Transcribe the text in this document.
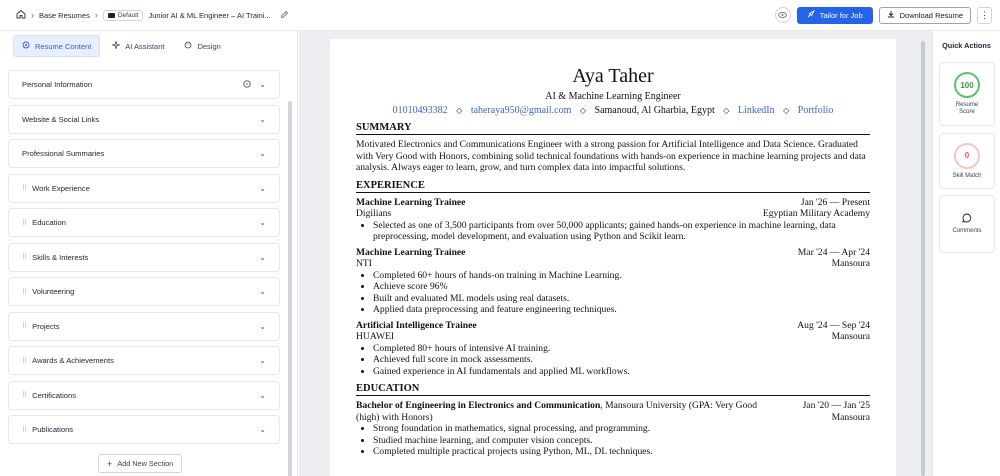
› Base Resumes ›	Default Junior AI & ML Engineer – AI Traini...	Tailor for Job	Download Resume	⋮
Resume Content	AI Assistant	Design
Personal Information	⌄
Website & Social Links	⌄
Professional Summaries	⌄
⠿ Work Experience	⌄
⠿ Education	⌄
⠿ Skills & Interests	⌄
⠿ Volunteering	⌄
⠿ Projects	⌄
⠿ Awards & Achievements	⌄
⠿ Certifications	⌄
⠿ Publications	⌄
+ Add New Section
Aya Taher
AI & Machine Learning Engineer
01010493382 ◇ taheraya950@gmail.com ◇ Samanoud, Al Gharbia, Egypt ◇ LinkedIn ◇ Portfolio
SUMMARY
Motivated Electronics and Communications Engineer with a strong passion for Artificial Intelligence and Data Science. Graduated with Very Good with Honors, combining solid technical foundations with hands-on experience in machine learning projects and data analysis. Always eager to learn, grow, and turn complex data into impactful solutions.
EXPERIENCE
Machine Learning Trainee	Jan '26 — Present
Digilians	Egyptian Military Academy
• Selected as one of 3,500 participants from over 50,000 applicants; gained hands-on experience in machine learning, data preprocessing, model development, and evaluation using Python and Scikit learn.
Machine Learning Trainee	Mar '24 — Apr '24
NTI	Mansoura
• Completed 60+ hours of hands-on training in Machine Learning.
• Achieve score 96%
• Built and evaluated ML models using real datasets.
• Applied data preprocessing and feature engineering techniques.
Artificial Intelligence Trainee	Aug '24 — Sep '24
HUAWEI	Mansoura
• Completed 80+ hours of intensive AI training.
• Achieved full score in mock assessments.
• Gained experience in AI fundamentals and applied ML workflows.
EDUCATION
Bachelor of Engineering in Electronics and Communication, Mansoura University (GPA: Very Good	Jan '20 — Jan '25
(high) with Honors)	Mansoura
• Strong foundation in mathematics, signal processing, and programming.
• Studied machine learning, and computer vision concepts.
• Completed multiple practical projects using Python, ML, DL techniques.
Quick Actions
100
Resume Score
0
Skill Match
Comments
